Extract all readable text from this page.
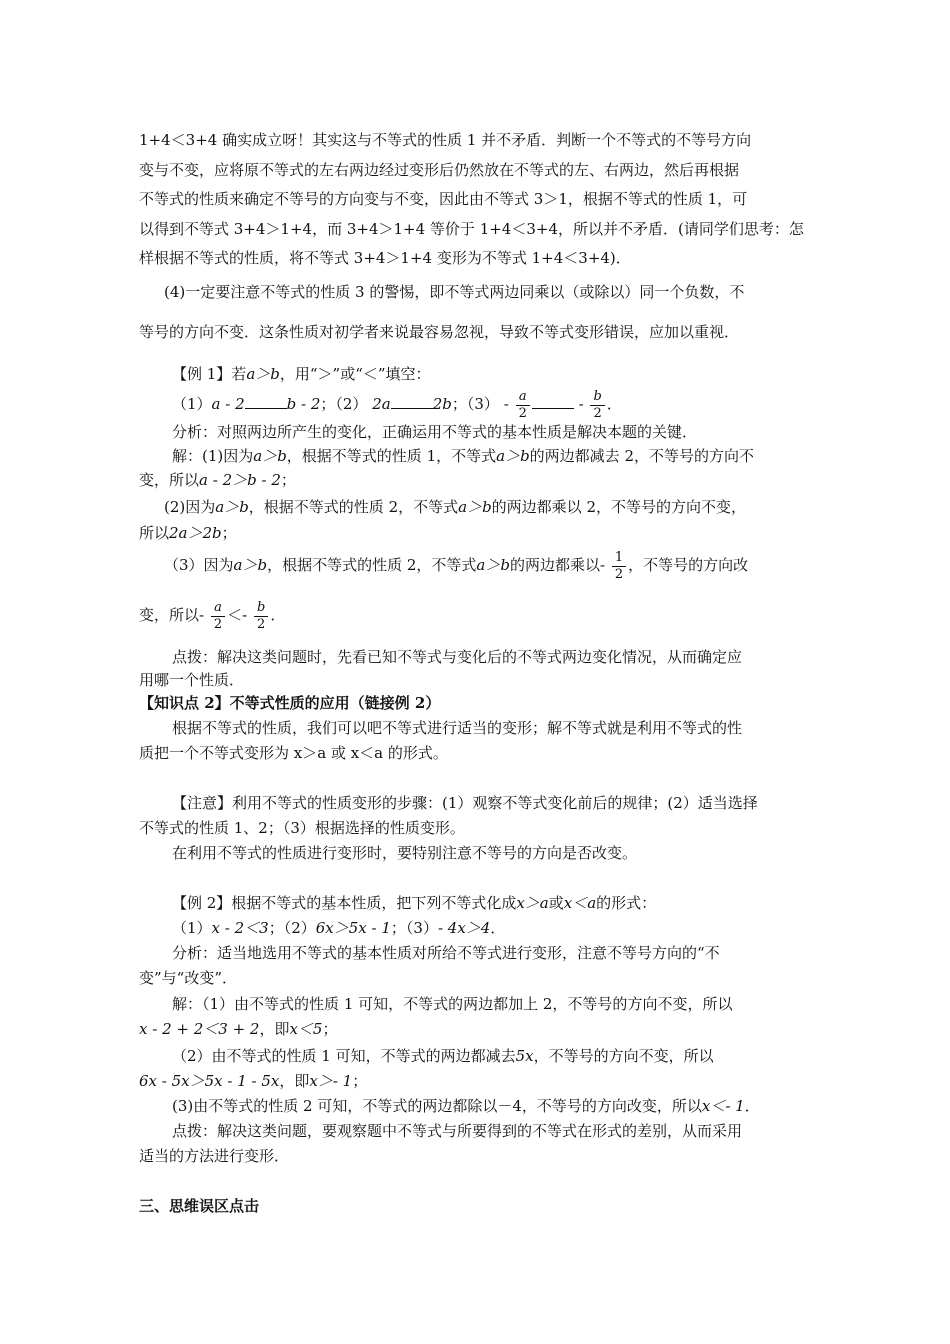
1+4＜3+4 确实成立呀！其实这与不等式的性质 1 并不矛盾．判断一个不等式的不等号方向
变与不变，应将原不等式的左右两边经过变形后仍然放在不等式的左、右两边，然后再根据
不等式的性质来确定不等号的方向变与不变，因此由不等式 3＞1，根据不等式的性质 1，可
以得到不等式 3+4＞1+4，而 3+4＞1+4 等价于 1+4＜3+4，所以并不矛盾．(请同学们思考：怎
样根据不等式的性质，将不等式 3+4＞1+4 变形为不等式 1+4＜3+4)．
(4)一定要注意不等式的性质 3 的警惕，即不等式两边同乘以（或除以）同一个负数，不
等号的方向不变．这条性质对初学者来说最容易忽视，导致不等式变形错误，应加以重视．
【例 1】若a＞b，用“＞”或“＜”填空：
（1）a - 2	b - 2；（2） 2a	2b；$(3) - \frac{a}{2}$	- $\frac{b}{2}$ ．
分析：对照两边所产生的变化，正确运用不等式的基本性质是解决本题的关键．
解：(1)因为a＞b，根据不等式的性质 1，不等式a＞b的两边都减去 2，不等号的方向不
变，所以a - 2＞b - 2；
(2)因为a＞b，根据不等式的性质 2，不等式a＞b的两边都乘以 2，不等号的方向不变，
所以2a＞2b；
（3）因为a＞b，根据不等式的性质 2，不等式a＞b的两边都乘以- $\frac{1}{2}$ ，不等号的方向改
变，所以- $\frac{a}{2} <- \frac{b}{2}$ ．
点拨：解决这类问题时，先看已知不等式与变化后的不等式两边变化情况，从而确定应
用哪一个性质．
【知识点 2】不等式性质的应用（链接例 2）
根据不等式的性质，我们可以吧不等式进行适当的变形；解不等式就是利用不等式的性
质把一个不等式变形为 x＞a 或 x＜a 的形式。
【注意】利用不等式的性质变形的步骤：(1）观察不等式变化前后的规律；(2）适当选择
不等式的性质 1、2；（3）根据选择的性质变形。
在利用不等式的性质进行变形时，要特别注意不等号的方向是否改变。
【例 2】根据不等式的基本性质，把下列不等式化成x＞a或x＜a的形式：
（1）x - 2＜3；（2）6x＞5x - 1；（3）- 4x＞4．
分析：适当地选用不等式的基本性质对所给不等式进行变形，注意不等号方向的“不
变”与“改变”．
解：（1）由不等式的性质 1 可知，不等式的两边都加上 2，不等号的方向不变，所以
x - 2 + 2＜3 + 2，即x＜5；
（2）由不等式的性质 1 可知，不等式的两边都减去5x，不等号的方向不变，所以
6x - 5x＞5x - 1 - 5x，即x＞- 1；
(3)由不等式的性质 2 可知，不等式的两边都除以－4，不等号的方向改变，所以x＜- 1．
点拨：解决这类问题，要观察题中不等式与所要得到的不等式在形式的差别，从而采用
适当的方法进行变形．
三、思维误区点击
